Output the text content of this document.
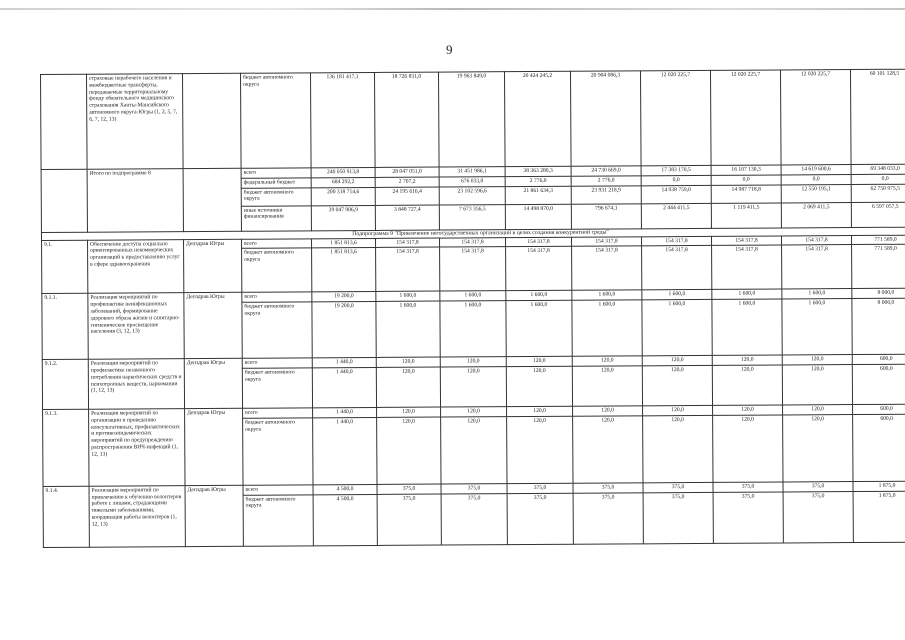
9
	страховые нерабочего населения и межбюджетные трансферты, передаваемые территориальному фонду обязательного медицинского страхования Ханты-Мансийского автономного округа-Югры (1, 2, 5, 7, 6, 7, 12, 13)		бюджет автономного округа	136 181 417,1	18 726 831,0	19 963 849,0	20 424 245,2	20 904 086,3	12 020 225,7	12 020 225,7	12 020 225,7	60 101 128,5
	Итого по подпрограмме 8		всего	240 050 913,8	28 047 051,0	31 451 986,1	38 363 280,3	24 730 669,0	17 383 170,5	16 107 130,3	14 619 600,6	69 348 033,0
			федеральный бюджет	684 292,2	2 707,2	676 033,0	2 776,0	2 776,0	0,0	0,0	0,0	0,0
			бюджет автономного округа	200 318 714,6	24 195 616,4	23 102 596,6	21 861 634,3	23 931 218,9	14 938 759,0	14 987 718,8	12 550 195,1	62 750 975,5
			иные источники финансирования	39 047 906,9	3 848 727,4	7 673 356,5	14 498 870,0	796 674,1	2 444 411,5	1 119 411,5	2 069 411,5	6 597 057,5
Подпрограмма 9 "Привлечение негосударственных организаций в целях создания конкурентной среды"												
9.1.	Обеспечение доступа социально ориентированных некоммерческих организаций к предоставлению услуг в сфере здравоохранения	Депздрав Югры	всего	1 851 813,6	154 317,8	154 317,8	154 317,8	154 317,8	154 317,8	154 317,8	154 317,8	771 589,0
			бюджет автономного округа	1 851 813,6	154 317,8	154 317,8	154 317,8	154 317,8	154 317,8	154 317,8	154 317,8	771 589,0
9.1.1.	Реализация мероприятий по профилактике неинфекционных заболеваний, формирование здорового образа жизни и санитарно-гигиеническое просвещение населения (3, 12, 13)	Депздрав Югры	всего	19 200,0	1 600,0	1 600,0	1 600,0	1 600,0	1 600,0	1 600,0	1 600,0	8 000,0
			бюджет автономного округа	19 200,0	1 600,0	1 600,0	1 600,0	1 600,0	1 600,0	1 600,0	1 600,0	8 000,0
9.1.2.	Реализация мероприятий по профилактике незаконного потребления наркотических средств и психотропных веществ, наркомании (1, 12, 13)	Депздрав Югры	всего	1 440,0	120,0	120,0	120,0	120,0	120,0	120,0	120,0	600,0
			бюджет автономного округа	1 440,0	120,0	120,0	120,0	120,0	120,0	120,0	120,0	600,0
9.1.3.	Реализация мероприятий по организации и проведению консультативных, профилактических и противоэпидемических мероприятий по предупреждению распространения ВИЧ-инфекций (1, 12, 13)	Депздрав Югры	всего	1 440,0	120,0	120,0	120,0	120,0	120,0	120,0	120,0	600,0
			бюджет автономного округа	1 440,0	120,0	120,0	120,0	120,0	120,0	120,0	120,0	600,0
9.1.4.	Реализация мероприятий по привлечению к обучению волонтеров работе с лицами, страдающими тяжелыми заболеваниями, координация работы волонтеров (1, 12, 13)	Депздрав Югры	всего	4 500,0	375,0	375,0	375,0	375,0	375,0	375,0	375,0	1 875,0
			бюджет автономного округа	4 500,0	375,0	375,0	375,0	375,0	375,0	375,0	375,0	1 875,0
